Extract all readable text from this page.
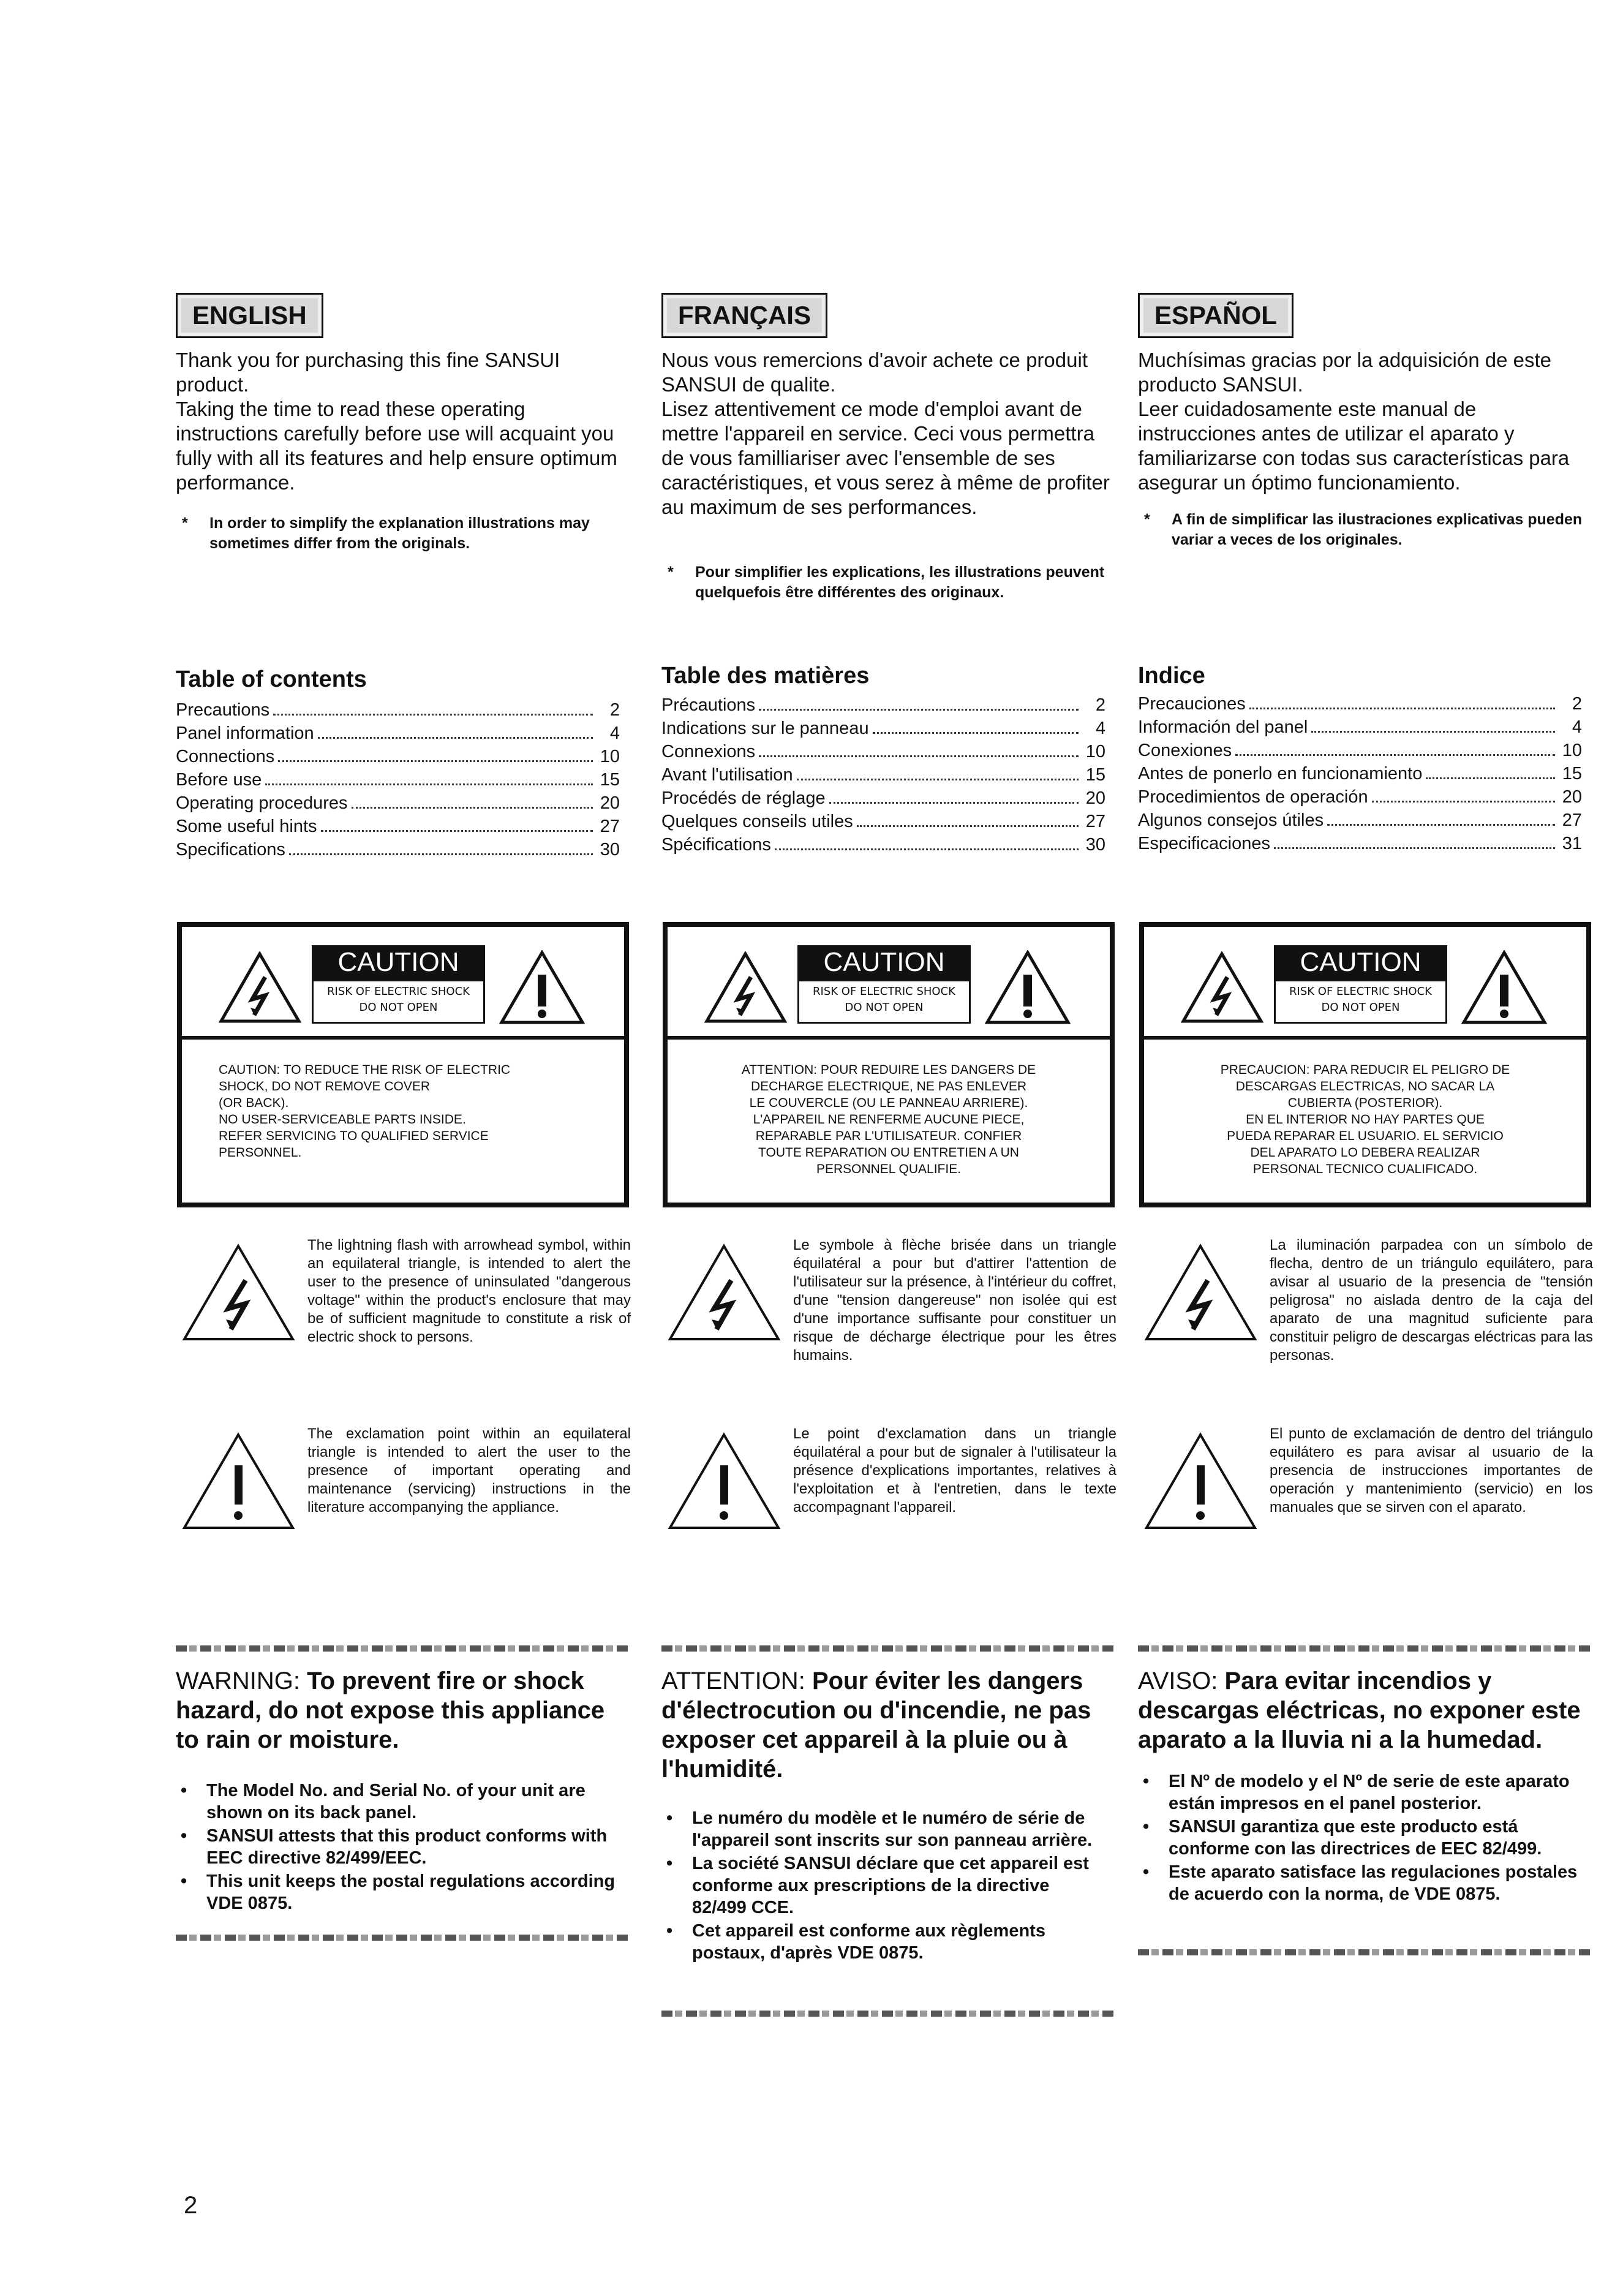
ENGLISH

Thank you for purchasing this fine SANSUI product.

Taking the time to read these operating instructions carefully before use will acquaint you fully with all its features and help ensure optimum performance.

* In order to simplify the explanation illustrations may sometimes differ from the originals.
Table of contents
Precautions	2
Panel information	4
Connections	10
Before use	15
Operating procedures	20
Some useful hints	27
Specifications	30
CAUTION
RISK OF ELECTRIC SHOCK
DO NOT OPEN
CAUTION: TO REDUCE THE RISK OF ELECTRIC
SHOCK, DO NOT REMOVE COVER
(OR BACK).
NO USER-SERVICEABLE PARTS INSIDE.
REFER SERVICING TO QUALIFIED SERVICE
PERSONNEL.
The lightning flash with arrowhead symbol, within an equilateral triangle, is intended to alert the user to the presence of uninsulated "dangerous voltage" within the product's enclosure that may be of sufficient magnitude to constitute a risk of electric shock to persons.
The exclamation point within an equilateral triangle is intended to alert the user to the presence of important operating and maintenance (servicing) instructions in the literature accompanying the appliance.
WARNING: To prevent fire or shock hazard, do not expose this appliance to rain or moisture.
• The Model No. and Serial No. of your unit are shown on its back panel.
• SANSUI attests that this product conforms with EEC directive 82/499/EEC.
• This unit keeps the postal regulations according VDE 0875.
FRANÇAIS

Nous vous remercions d'avoir achete ce produit SANSUI de qualite.

Lisez attentivement ce mode d'emploi avant de mettre l'appareil en service. Ceci vous permettra de vous familliariser avec l'ensemble de ses caractéristiques, et vous serez à même de profiter au maximum de ses performances.

* Pour simplifier les explications, les illustrations peuvent quelquefois être différentes des originaux.
Table des matières
Précautions	2
Indications sur le panneau	4
Connexions	10
Avant l'utilisation	15
Procédés de réglage	20
Quelques conseils utiles	27
Spécifications	30
CAUTION
RISK OF ELECTRIC SHOCK
DO NOT OPEN
ATTENTION: POUR REDUIRE LES DANGERS DE
DECHARGE ELECTRIQUE, NE PAS ENLEVER
LE COUVERCLE (OU LE PANNEAU ARRIERE).
L'APPAREIL NE RENFERME AUCUNE PIECE,
REPARABLE PAR L'UTILISATEUR. CONFIER
TOUTE REPARATION OU ENTRETIEN A UN
PERSONNEL QUALIFIE.
Le symbole à flèche brisée dans un triangle équilatéral a pour but d'attirer l'attention de l'utilisateur sur la présence, à l'intérieur du coffret, d'une "tension dangereuse" non isolée qui est d'une importance suffisante pour constituer un risque de décharge électrique pour les êtres humains.
Le point d'exclamation dans un triangle équilatéral a pour but de signaler à l'utilisateur la présence d'explications importantes, relatives à l'exploitation et à l'entretien, dans le texte accompagnant l'appareil.
ATTENTION: Pour éviter les dangers d'électrocution ou d'incendie, ne pas exposer cet appareil à la pluie ou à l'humidité.
• Le numéro du modèle et le numéro de série de l'appareil sont inscrits sur son panneau arrière.
• La société SANSUI déclare que cet appareil est conforme aux prescriptions de la directive 82/499 CCE.
• Cet appareil est conforme aux règlements postaux, d'après VDE 0875.
ESPAÑOL

Muchísimas gracias por la adquisición de este producto SANSUI.

Leer cuidadosamente este manual de instrucciones antes de utilizar el aparato y familiarizarse con todas sus características para asegurar un óptimo funcionamiento.

* A fin de simplificar las ilustraciones explicativas pueden variar a veces de los originales.
Indice
Precauciones	2
Información del panel	4
Conexiones	10
Antes de ponerlo en funcionamiento	15
Procedimientos de operación	20
Algunos consejos útiles	27
Especificaciones	31
CAUTION
RISK OF ELECTRIC SHOCK
DO NOT OPEN
PRECAUCION: PARA REDUCIR EL PELIGRO DE
DESCARGAS ELECTRICAS, NO SACAR LA
CUBIERTA (POSTERIOR).
EN EL INTERIOR NO HAY PARTES QUE
PUEDA REPARAR EL USUARIO. EL SERVICIO
DEL APARATO LO DEBERA REALIZAR
PERSONAL TECNICO CUALIFICADO.
La iluminación parpadea con un símbolo de flecha, dentro de un triángulo equilátero, para avisar al usuario de la presencia de "tensión peligrosa" no aislada dentro de la caja del aparato de una magnitud suficiente para constituir peligro de descargas eléctricas para las personas.
El punto de exclamación de dentro del triángulo equilátero es para avisar al usuario de la presencia de instrucciones importantes de operación y mantenimiento (servicio) en los manuales que se sirven con el aparato.
AVISO: Para evitar incendios y descargas eléctricas, no exponer este aparato a la lluvia ni a la humedad.
• El Nº de modelo y el Nº de serie de este aparato están impresos en el panel posterior.
• SANSUI garantiza que este producto está conforme con las directrices de EEC 82/499.
• Este aparato satisface las regulaciones postales de acuerdo con la norma, de VDE 0875.
2
